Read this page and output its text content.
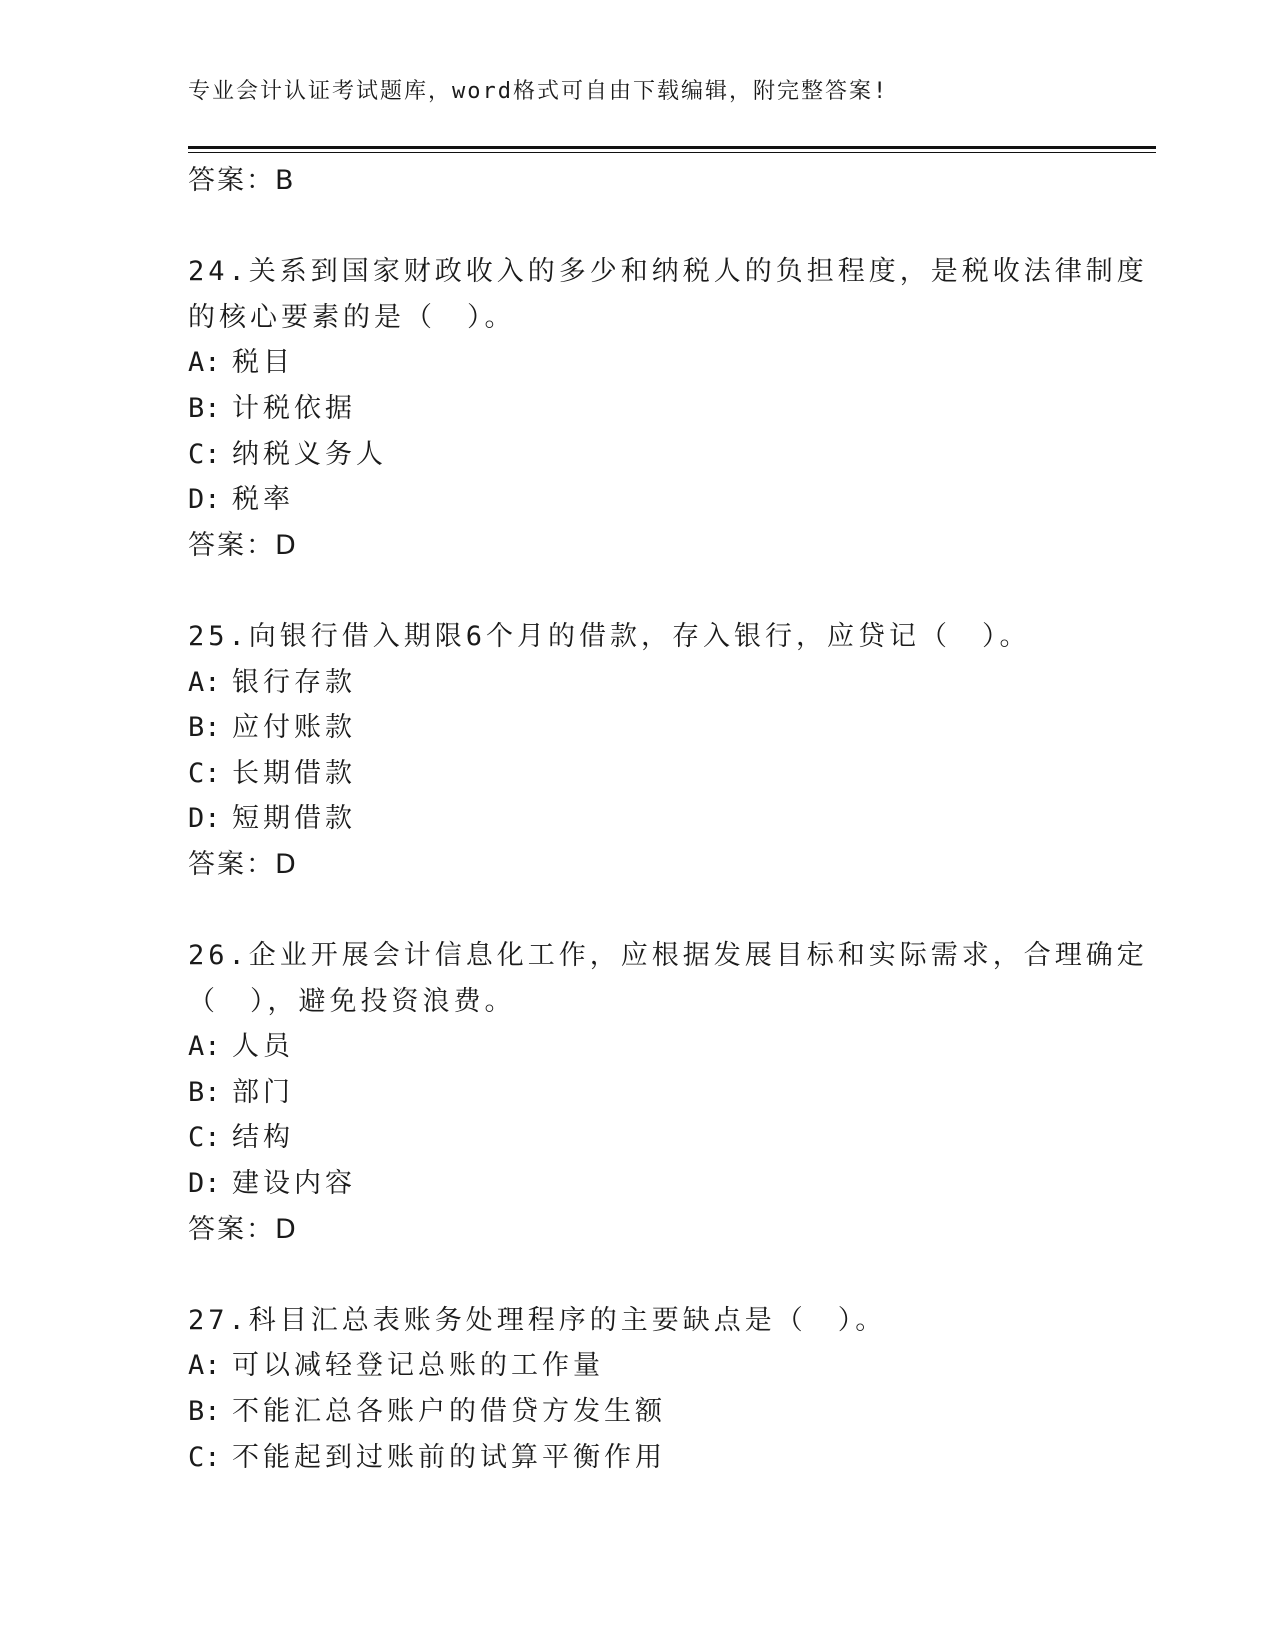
专业会计认证考试题库，word格式可自由下载编辑，附完整答案!
答案：B
24.关系到国家财政收入的多少和纳税人的负担程度，是税收法律制度
的核心要素的是（　）。
A: 税目
B: 计税依据
C: 纳税义务人
D: 税率
答案：D
25.向银行借入期限6个月的借款，存入银行，应贷记（　）。
A: 银行存款
B: 应付账款
C: 长期借款
D: 短期借款
答案：D
26.企业开展会计信息化工作，应根据发展目标和实际需求，合理确定
（　），避免投资浪费。
A: 人员
B: 部门
C: 结构
D: 建设内容
答案：D
27.科目汇总表账务处理程序的主要缺点是（　）。
A: 可以减轻登记总账的工作量
B: 不能汇总各账户的借贷方发生额
C: 不能起到过账前的试算平衡作用
